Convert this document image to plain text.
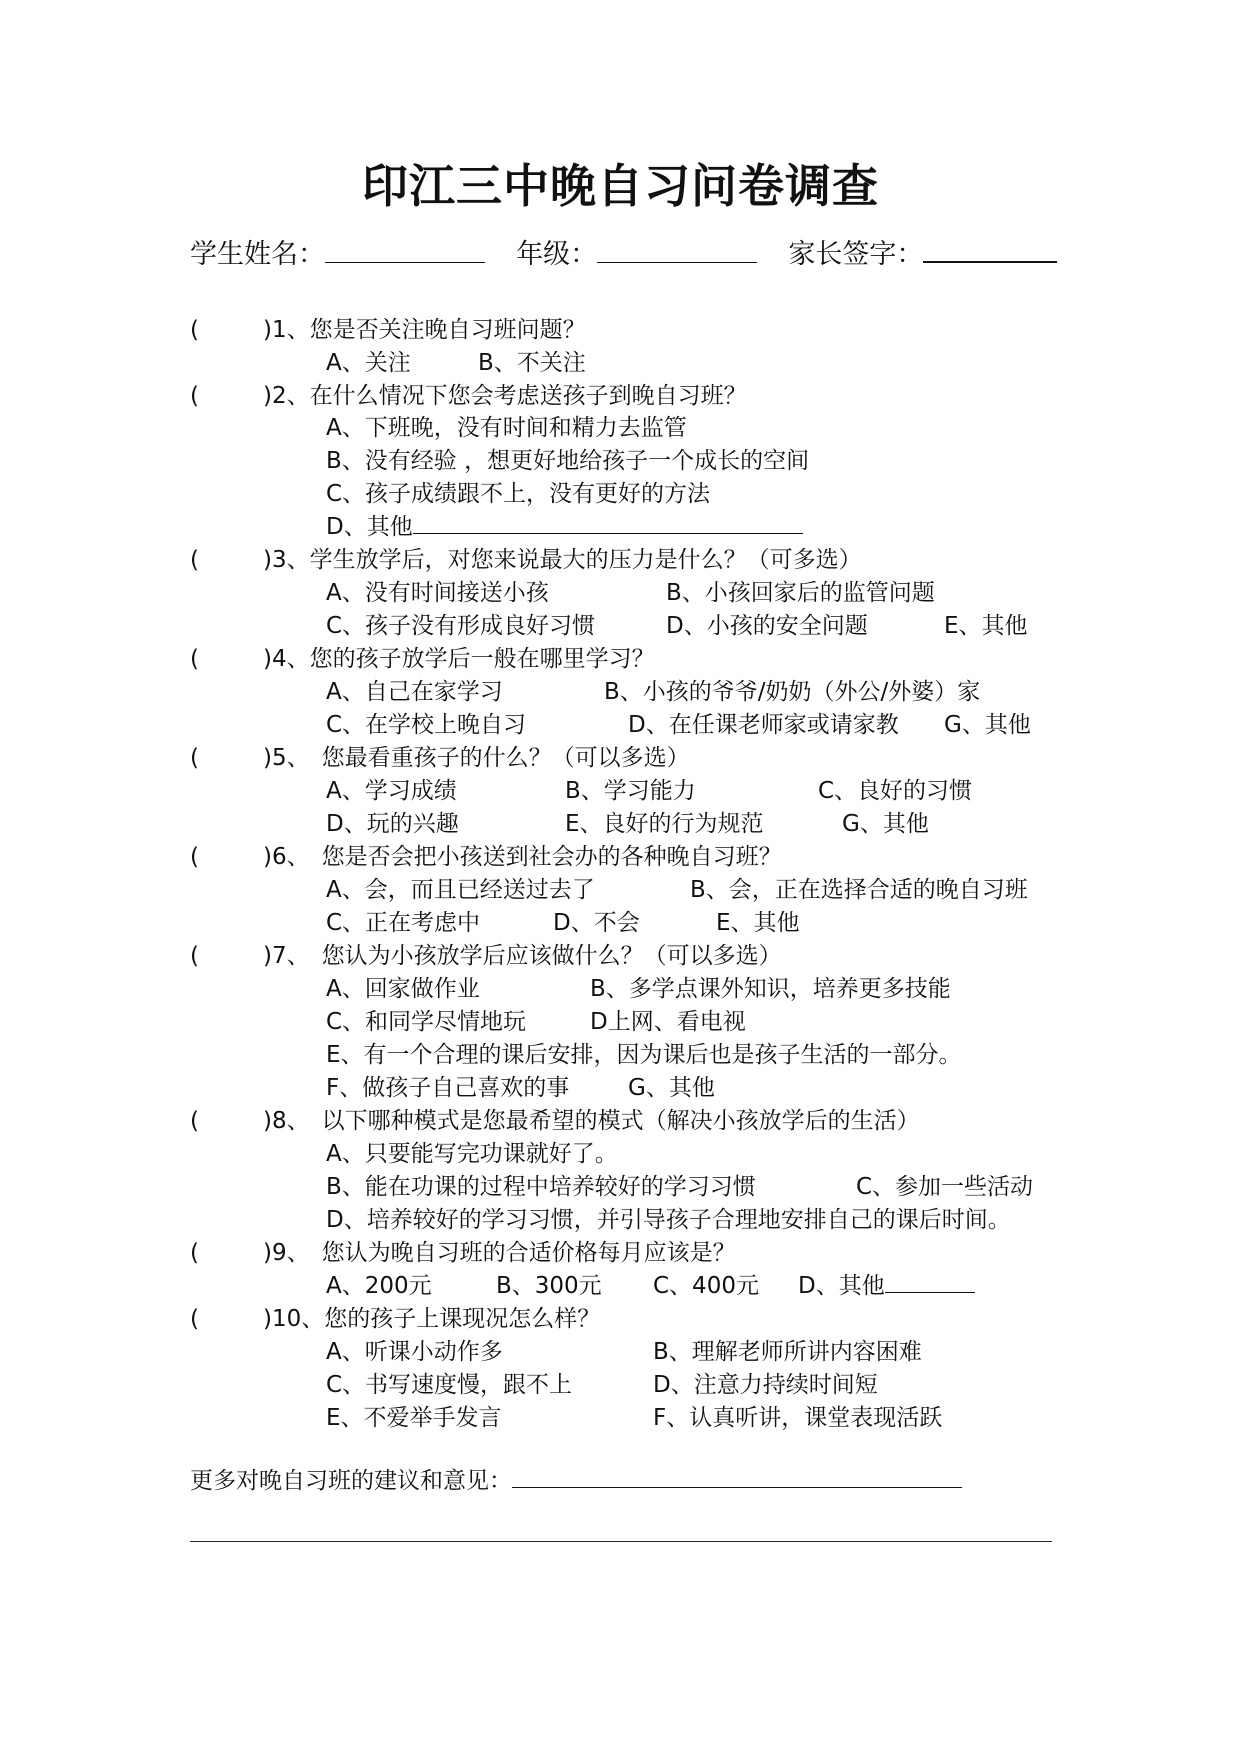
印江三中晚自习问卷调查
学生姓名：	年级：	家长签字：
(	)1、您是否关注晚自习班问题？
A、关注	B、不关注
(	)2、在什么情况下您会考虑送孩子到晚自习班？
A、下班晚，没有时间和精力去监管
B、没有经验 ，想更好地给孩子一个成长的空间
C、孩子成绩跟不上，没有更好的方法
D、其他
(	)3、学生放学后，对您来说最大的压力是什么？（可多选）
A、没有时间接送小孩	B、小孩回家后的监管问题
C、孩子没有形成良好习惯	D、小孩的安全问题	E、其他
(	)4、您的孩子放学后一般在哪里学习？
A、自己在家学习	B、小孩的爷爷/奶奶（外公/外婆）家
C、在学校上晚自习	D、在任课老师家或请家教 G、其他
(	)5、 您最看重孩子的什么？（可以多选）
A、学习成绩	B、学习能力	C、良好的习惯
D、玩的兴趣	E、良好的行为规范	G、其他
(	)6、 您是否会把小孩送到社会办的各种晚自习班？
A、会，而且已经送过去了	B、会，正在选择合适的晚自习班
C、正在考虑中	D、不会	E、其他
(	)7、 您认为小孩放学后应该做什么？（可以多选）
A、回家做作业	B、多学点课外知识，培养更多技能
C、和同学尽情地玩	D上网、看电视
E、有一个合理的课后安排，因为课后也是孩子生活的一部分。
F、做孩子自己喜欢的事	G、其他
(	)8、 以下哪种模式是您最希望的模式（解决小孩放学后的生活）
A、只要能写完功课就好了。
B、能在功课的过程中培养较好的学习习惯	C、参加一些活动
D、培养较好的学习习惯，并引导孩子合理地安排自己的课后时间。
(	)9、 您认为晚自习班的合适价格每月应该是？
A、200元	B、300元 C、400元 D、其他
(	)10、您的孩子上课现况怎么样？
A、听课小动作多	B、理解老师所讲内容困难
C、书写速度慢，跟不上	D、注意力持续时间短
E、不爱举手发言	F、认真听讲，课堂表现活跃
更多对晚自习班的建议和意见：
